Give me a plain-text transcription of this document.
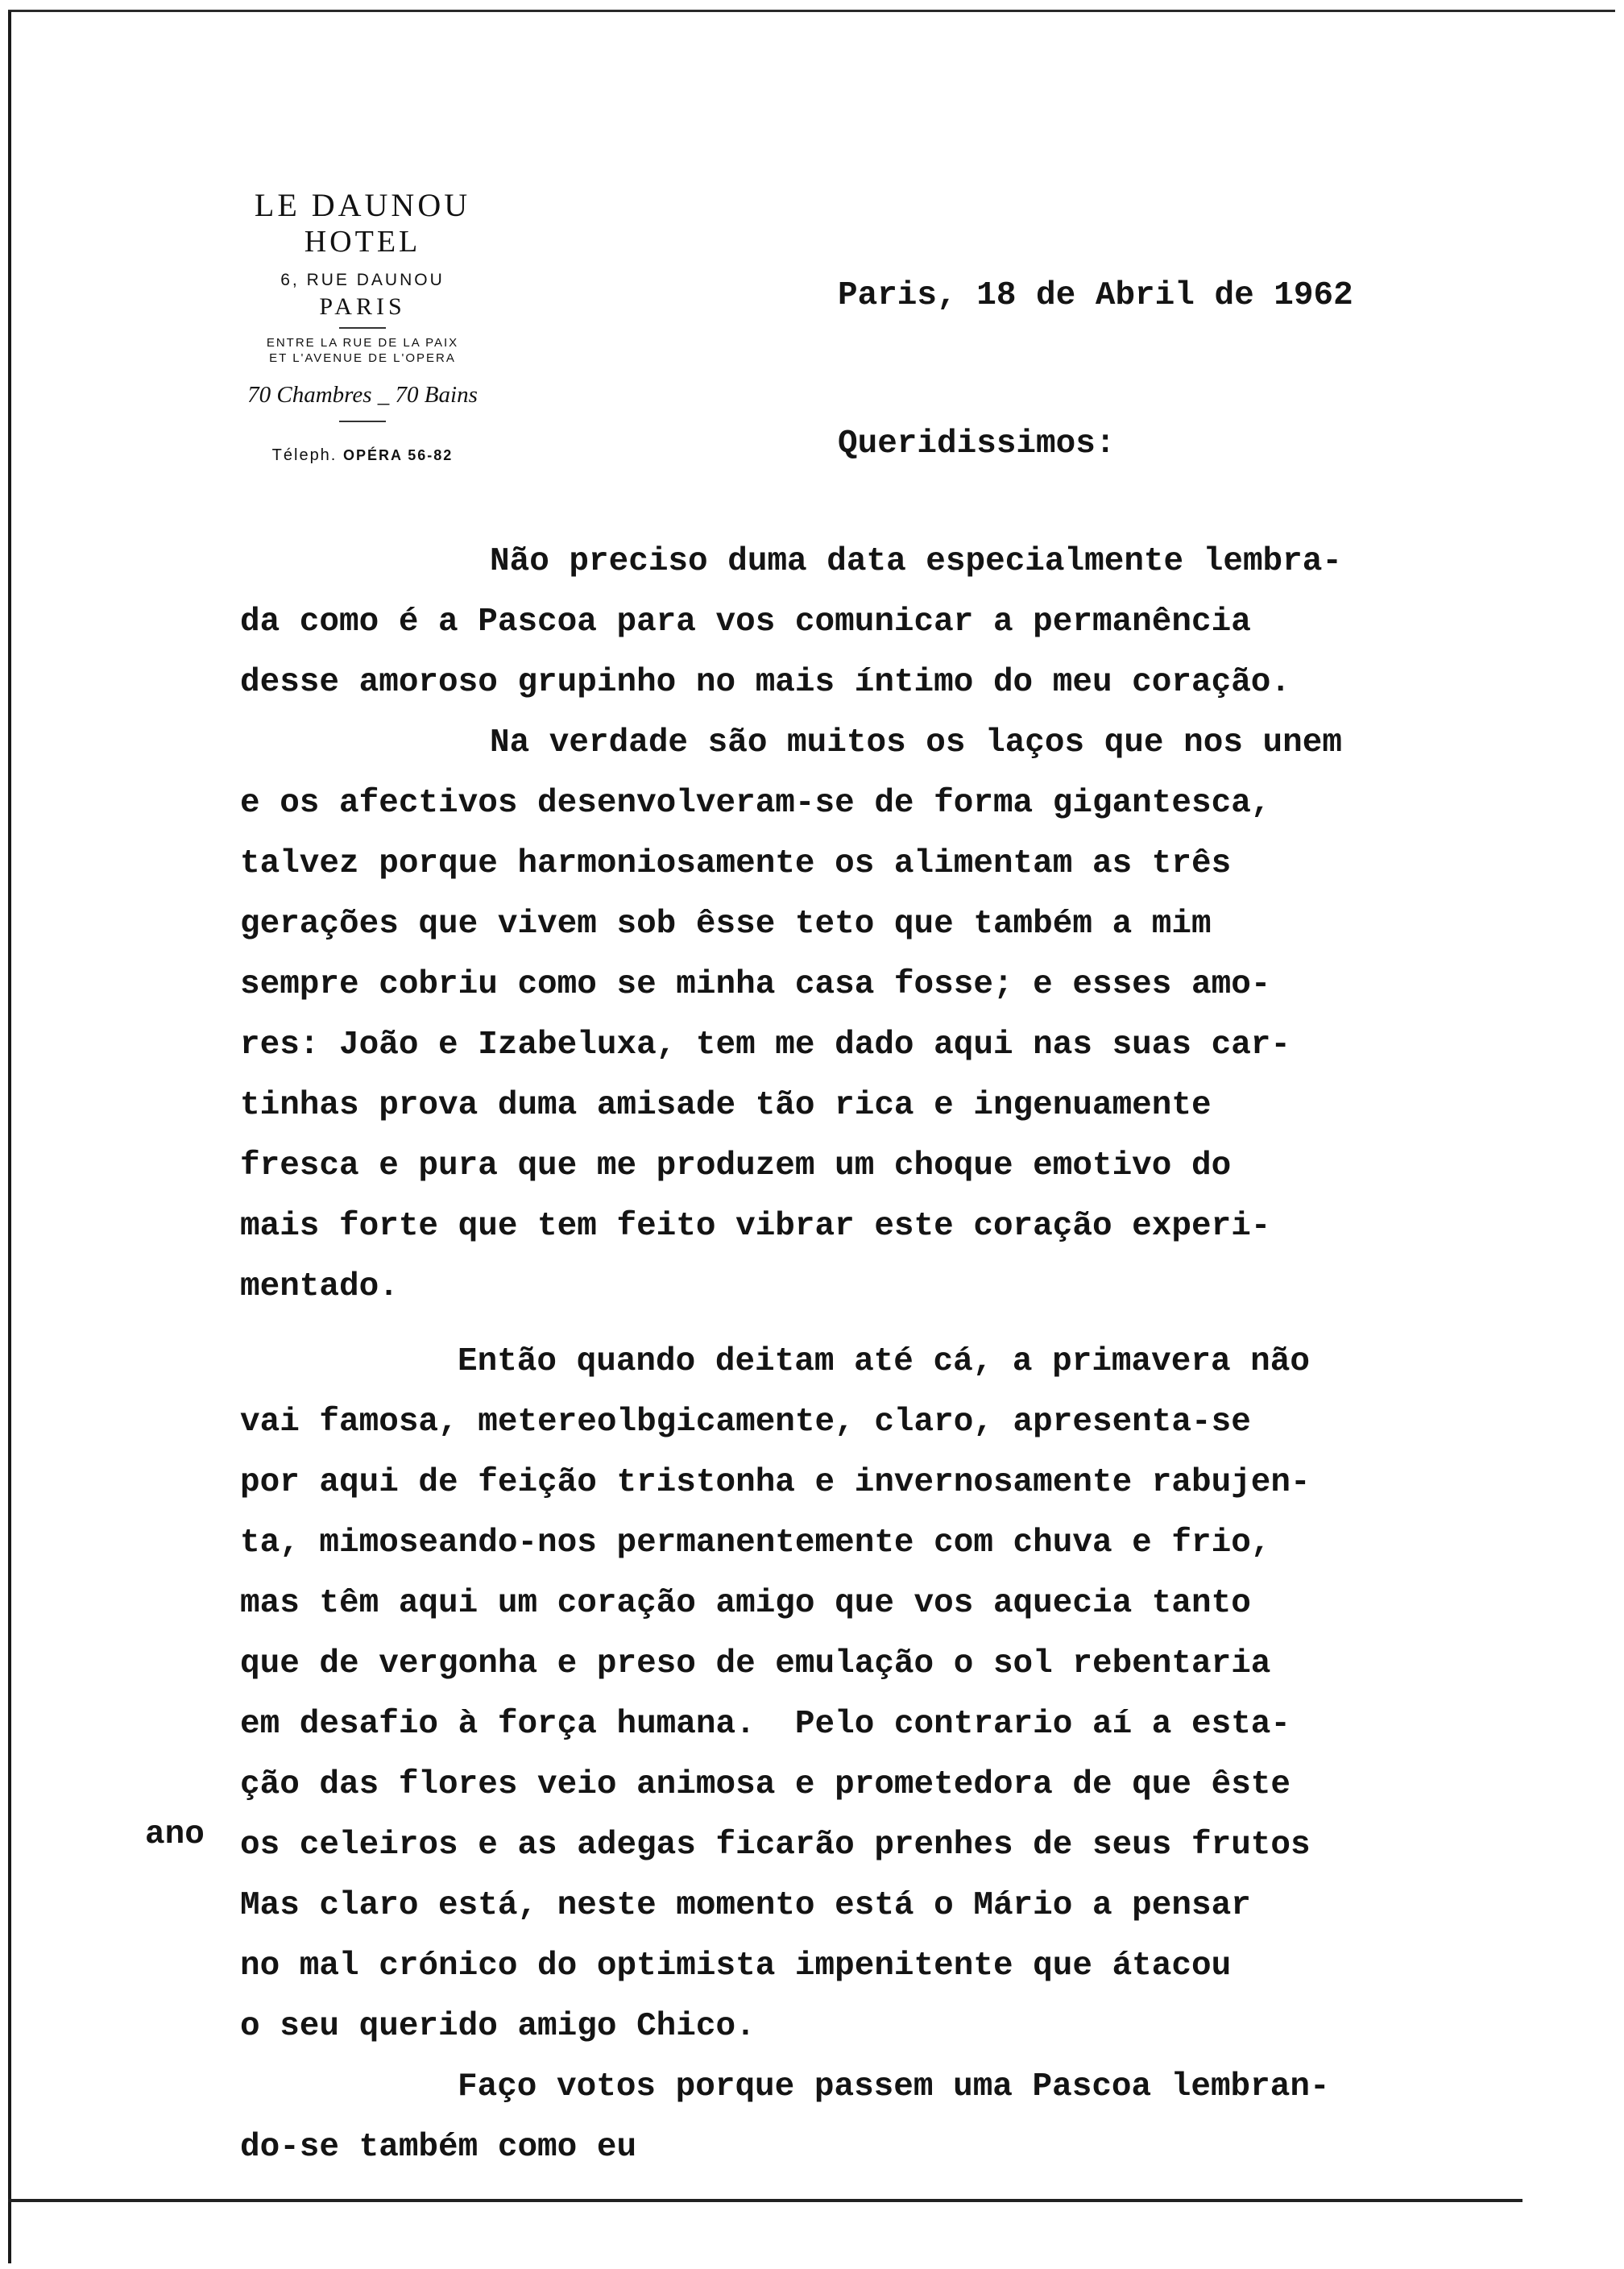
LE DAUNOU
HOTEL
6, RUE DAUNOU
PARIS
ENTRE LA RUE DE LA PAIX
ET L'AVENUE DE L'OPERA
70 Chambres _ 70 Bains
Téleph. OPÉRA 56-82
Paris, 18 de Abril de 1962
Queridissimos:
ano
Não preciso duma data especialmente lembra-
da como é a Pascoa para vos comunicar a permanência
desse amoroso grupinho no mais íntimo do meu coração.
Na verdade são muitos os laços que nos unem
e os afectivos desenvolveram-se de forma gigantesca,
talvez porque harmoniosamente os alimentam as três
gerações que vivem sob êsse teto que também a mim
sempre cobriu como se minha casa fosse; e esses amo-
res: João e Izabeluxa, tem me dado aqui nas suas car-
tinhas prova duma amisade tão rica e ingenuamente
fresca e pura que me produzem um choque emotivo do
mais forte que tem feito vibrar este coração experi-
mentado.
Então quando deitam até cá, a primavera não
vai famosa, metereolbgicamente, claro, apresenta-se
por aqui de feição tristonha e invernosamente rabujen-
ta, mimoseando-nos permanentemente com chuva e frio,
mas têm aqui um coração amigo que vos aquecia tanto
que de vergonha e preso de emulação o sol rebentaria
em desafio à força humana.  Pelo contrario aí a esta-
ção das flores veio animosa e prometedora de que êste
os celeiros e as adegas ficarão prenhes de seus frutos
Mas claro está, neste momento está o Mário a pensar
no mal crónico do optimista impenitente que átacou
o seu querido amigo Chico.
Faço votos porque passem uma Pascoa lembran-
do-se também como eu
